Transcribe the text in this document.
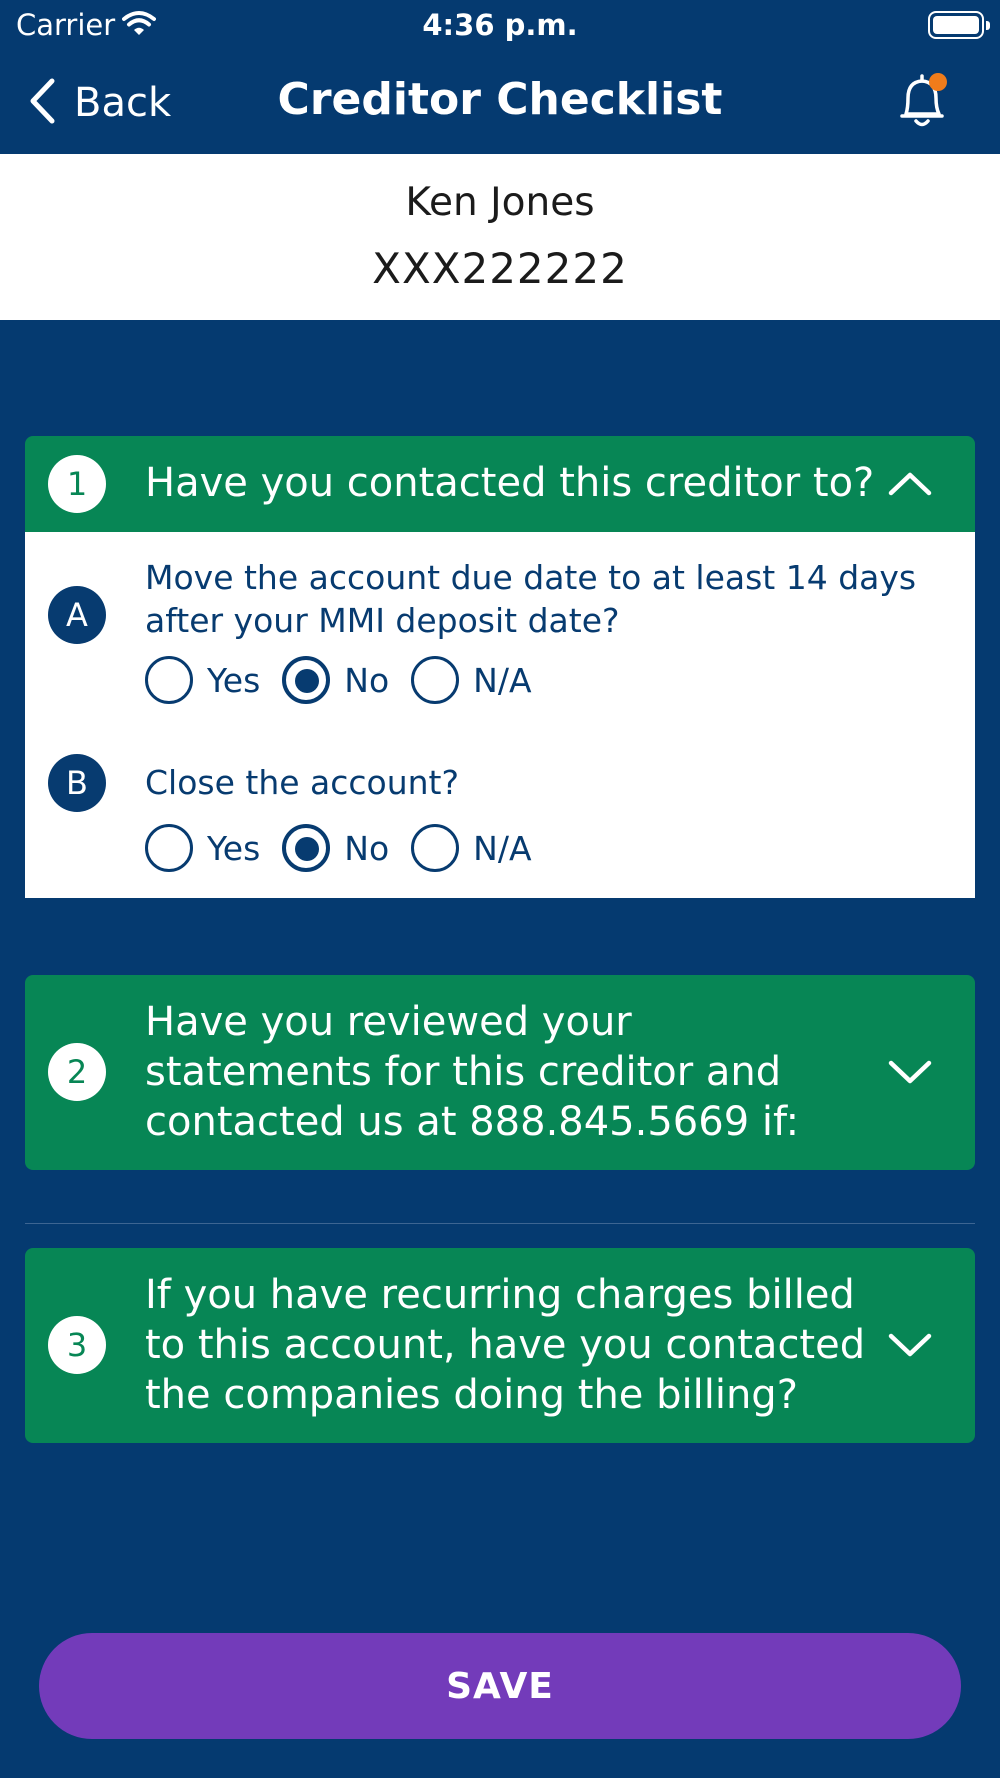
Carrier	4:36 p.m.
Back	Creditor Checklist
Ken Jones
XXX222222
1	Have you contacted this creditor to?
A
Move the account due date to at least 14 days after your MMI deposit date?
Yes	No	N/A
B	Close the account?
Yes	No	N/A
2
Have you reviewed your statements for this creditor and contacted us at 888.845.5669 if:
3
If you have recurring charges billed to this account, have you contacted the companies doing the billing?
SAVE
